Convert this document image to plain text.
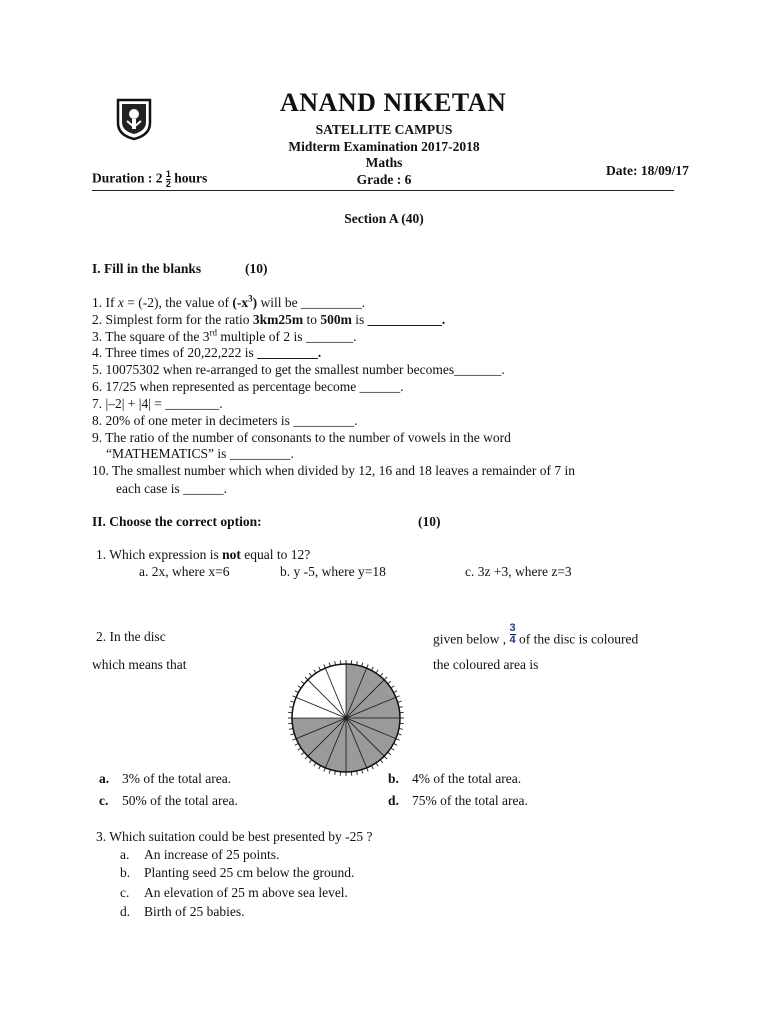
ANAND NIKETAN
SATELLITE CAMPUS
Midterm Examination 2017-2018
Maths
Grade : 6
Date: 18/09/17
Duration : $2 \frac{1}{2}$ hours
Section A (40)
I. Fill in the blanks	(10)
1. If x = (-2), the value of $(-x^3)$ will be _________.
2. Simplest form for the ratio 3km25m to 500m is ___________.
3. The square of the 3rd multiple of 2 is _______.
4. Three times of 20,22,222 is _________.
5. 10075302 when re-arranged to get the smallest number becomes_______.
6. 17/25 when represented as percentage become ______.
7. |–2| + |4| = ________.
8. 20% of one meter in decimeters is _________.
9. The ratio of the number of consonants to the number of vowels in the word
“MATHEMATICS” is _________.
10. The smallest number which when divided by 12, 16 and 18 leaves a remainder of 7 in
each case is ______.
II. Choose the correct option:	(10)
1. Which expression is not equal to 12?
a. 2x, where x=6	b. y -5, where y=18	c. 3z +3, where z=3
2. In the disc	given below , $\frac{3}{4}$ of the disc is coloured
which means that	the coloured area is
a. 3% of the total area.	b. 4% of the total area.
c. 50% of the total area.	d. 75% of the total area.
3. Which suitation could be best presented by -25 ?
a. An increase of 25 points.
b. Planting seed 25 cm below the ground.
c. An elevation of 25 m above sea level.
d. Birth of 25 babies.
